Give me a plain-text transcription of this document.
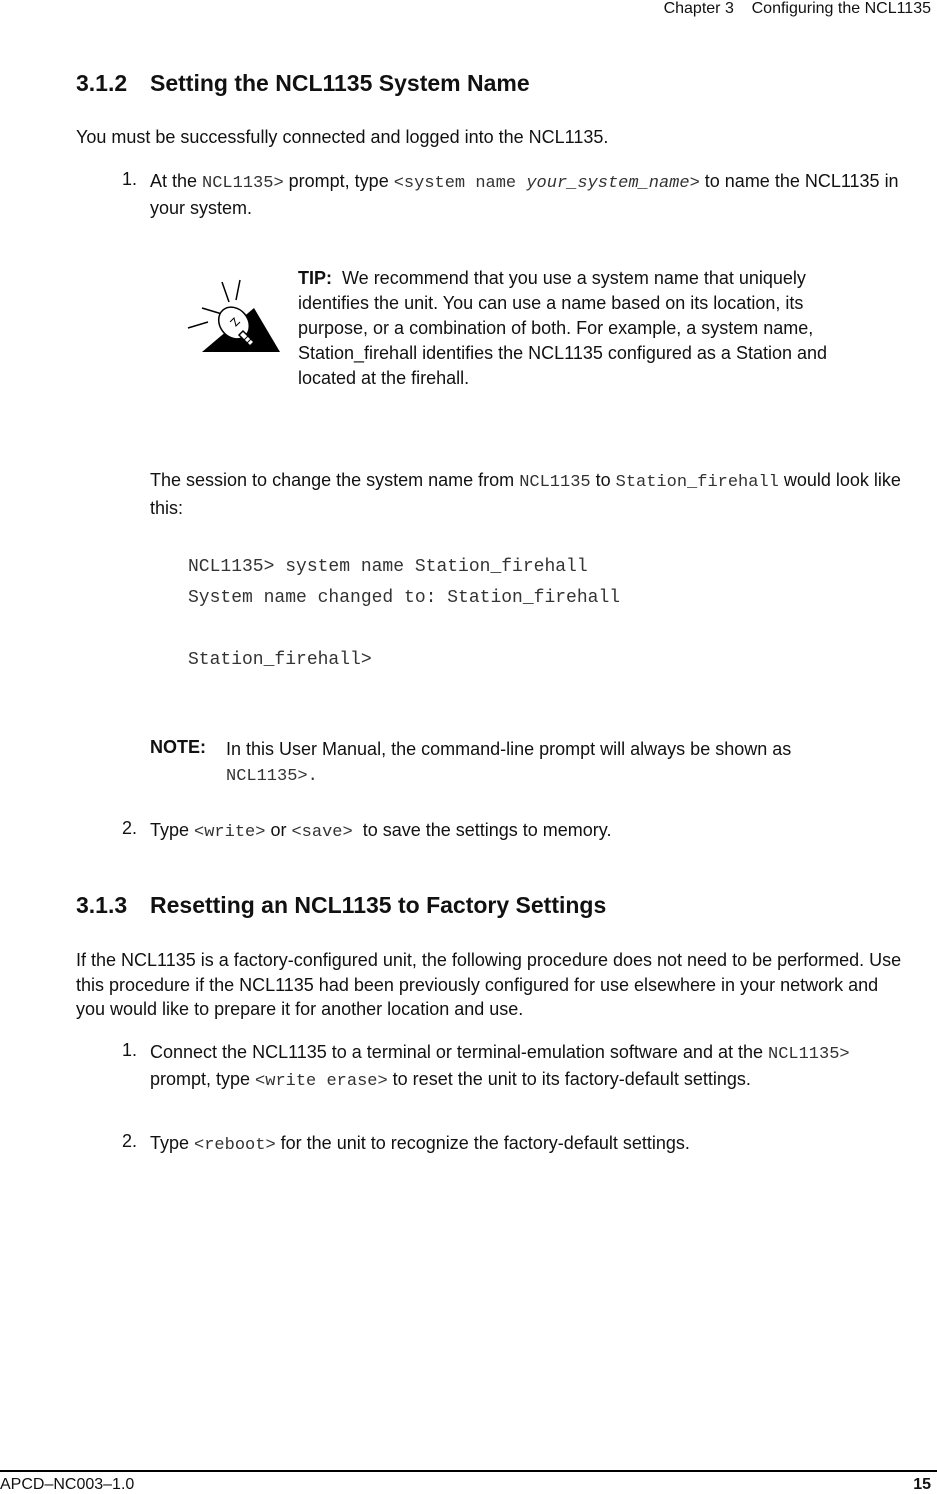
Chapter 3 Configuring the NCL1135
3.1.2 Setting the NCL1135 System Name
You must be successfully connected and logged into the NCL1135.
1. At the NCL1135> prompt, type <system name your_system_name> to name the NCL1135 in your system.
TIP: We recommend that you use a system name that uniquely identifies the unit. You can use a name based on its location, its purpose, or a combination of both. For example, a system name, Station_firehall identifies the NCL1135 configured as a Station and located at the firehall.
The session to change the system name from NCL1135 to Station_firehall would look like this:
NCL1135> system name Station_firehall
System name changed to: Station_firehall
Station_firehall>
NOTE: In this User Manual, the command-line prompt will always be shown as NCL1135>.
2. Type <write> or <save>  to save the settings to memory.
3.1.3 Resetting an NCL1135 to Factory Settings
If the NCL1135 is a factory-configured unit, the following procedure does not need to be performed. Use this procedure if the NCL1135 had been previously configured for use elsewhere in your network and you would like to prepare it for another location and use.
1. Connect the NCL1135 to a terminal or terminal-emulation software and at the NCL1135> prompt, type <write erase> to reset the unit to its factory-default settings.
2. Type <reboot> for the unit to recognize the factory-default settings.
APCD–NC003–1.0	15
